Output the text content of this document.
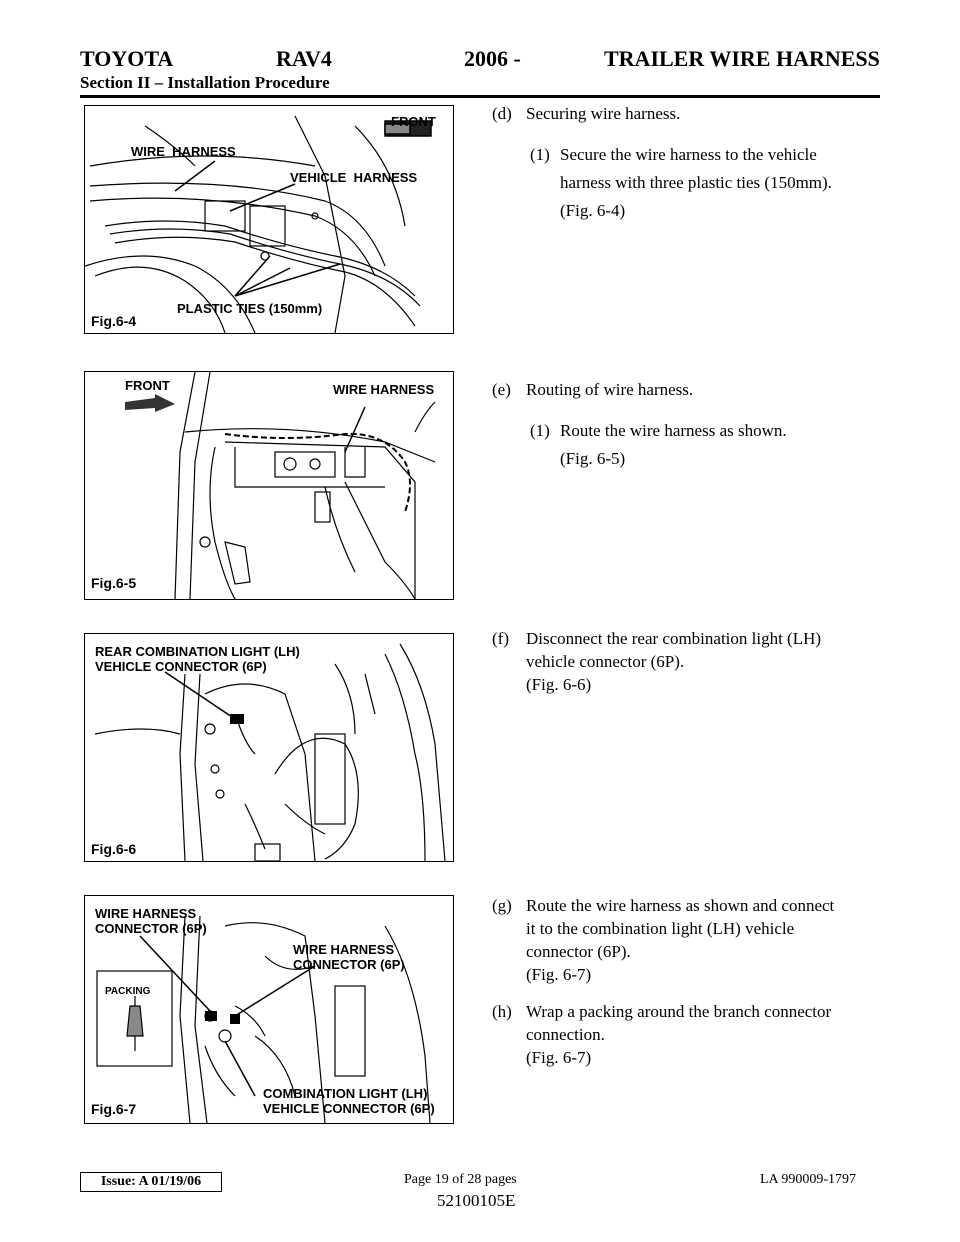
TOYOTA	RAV4	2006 -	TRAILER WIRE HARNESS
Section II – Installation Procedure
FRONT
WIRE  HARNESS
VEHICLE  HARNESS
PLASTIC TIES (150mm)
Fig.6-4
FRONT	WIRE HARNESS
Fig.6-5
REAR COMBINATION LIGHT (LH)
VEHICLE CONNECTOR (6P)
Fig.6-6
WIRE HARNESS
CONNECTOR (6P)
WIRE HARNESS
CONNECTOR (6P)
PACKING
COMBINATION LIGHT (LH)
VEHICLE CONNECTOR (6P)
Fig.6-7
(d) Securing wire harness.
(1) Secure the wire harness to the vehicle
harness with three plastic ties (150mm).
(Fig. 6-4)
(e) Routing of wire harness.
(1) Route the wire harness as shown.
(Fig. 6-5)
(f) Disconnect the rear combination light (LH)
vehicle connector (6P).
(Fig. 6-6)
(g) Route the wire harness as shown and connect
it to the combination light (LH) vehicle
connector (6P).
(Fig. 6-7)
(h) Wrap a packing around the branch connector
connection.
(Fig. 6-7)
Issue: A 01/19/06	Page 19 of 28 pages	LA 990009-1797
52100105E
